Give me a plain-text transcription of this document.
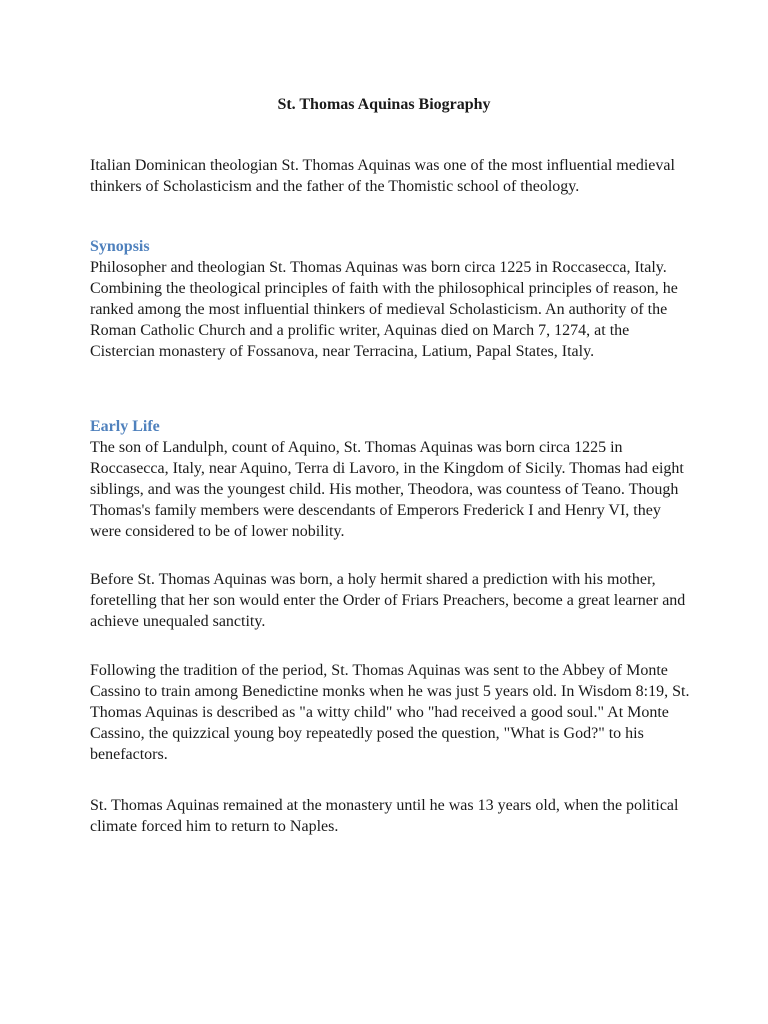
St. Thomas Aquinas Biography

Italian Dominican theologian St. Thomas Aquinas was one of the most influential medieval thinkers of Scholasticism and the father of the Thomistic school of theology.

Synopsis

Philosopher and theologian St. Thomas Aquinas was born circa 1225 in Roccasecca, Italy. Combining the theological principles of faith with the philosophical principles of reason, he ranked among the most influential thinkers of medieval Scholasticism. An authority of the Roman Catholic Church and a prolific writer, Aquinas died on March 7, 1274, at the Cistercian monastery of Fossanova, near Terracina, Latium, Papal States, Italy.

Early Life

The son of Landulph, count of Aquino, St. Thomas Aquinas was born circa 1225 in Roccasecca, Italy, near Aquino, Terra di Lavoro, in the Kingdom of Sicily. Thomas had eight siblings, and was the youngest child. His mother, Theodora, was countess of Teano. Though Thomas's family members were descendants of Emperors Frederick I and Henry VI, they were considered to be of lower nobility.

Before St. Thomas Aquinas was born, a holy hermit shared a prediction with his mother, foretelling that her son would enter the Order of Friars Preachers, become a great learner and achieve unequaled sanctity.

Following the tradition of the period, St. Thomas Aquinas was sent to the Abbey of Monte Cassino to train among Benedictine monks when he was just 5 years old. In Wisdom 8:19, St. Thomas Aquinas is described as "a witty child" who "had received a good soul." At Monte Cassino, the quizzical young boy repeatedly posed the question, "What is God?" to his benefactors.

St. Thomas Aquinas remained at the monastery until he was 13 years old, when the political climate forced him to return to Naples.
